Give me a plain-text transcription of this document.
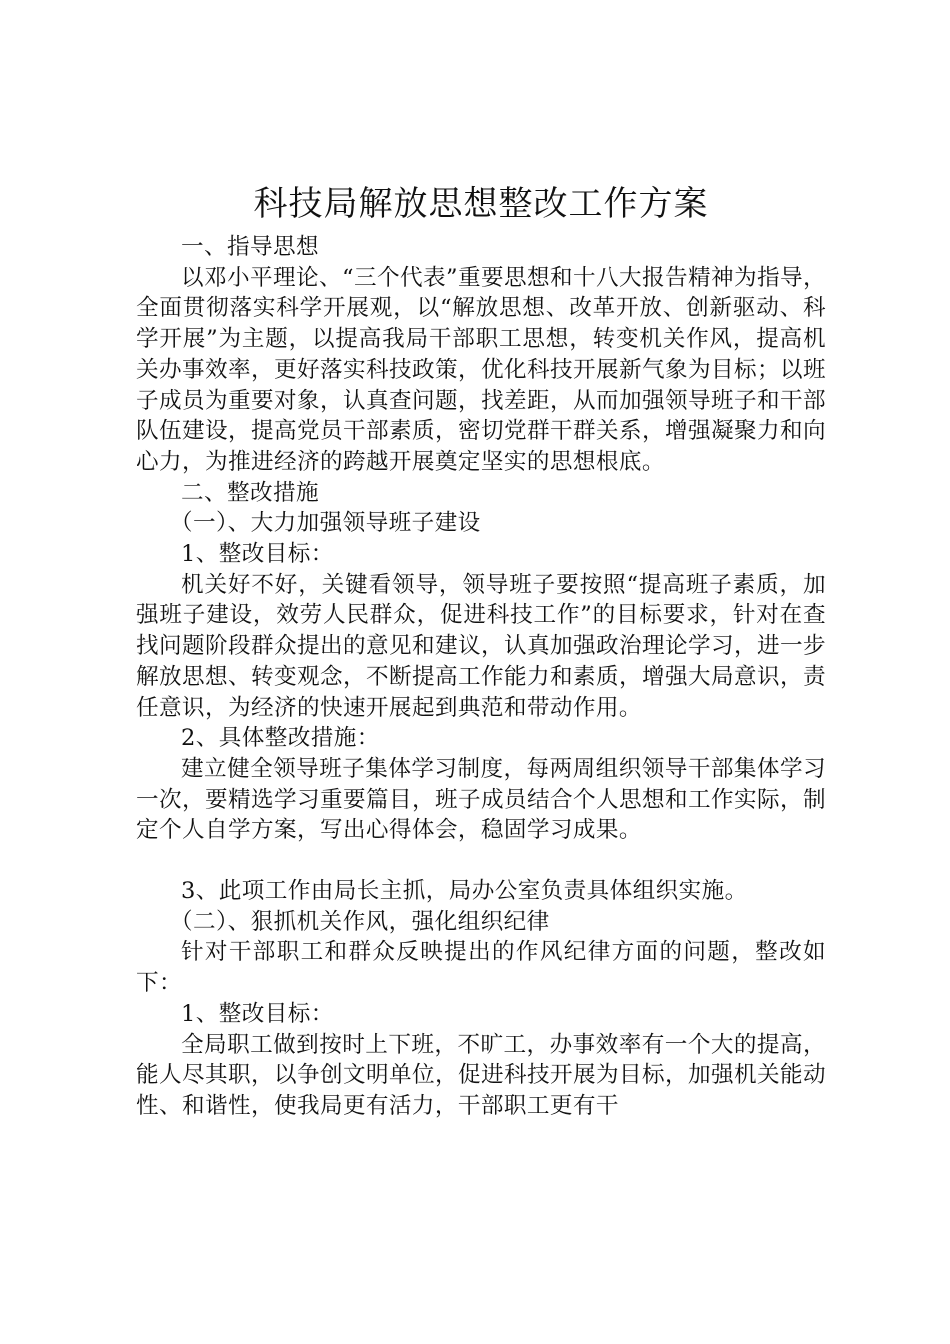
科技局解放思想整改工作方案

一、指导思想

以邓小平理论、“三个代表”重要思想和十八大报告精神为指导，全面贯彻落实科学开展观，以“解放思想、改革开放、创新驱动、科学开展”为主题，以提高我局干部职工思想，转变机关作风，提高机关办事效率，更好落实科技政策，优化科技开展新气象为目标；以班子成员为重要对象，认真查问题，找差距，从而加强领导班子和干部队伍建设，提高党员干部素质，密切党群干群关系，增强凝聚力和向心力，为推进经济的跨越开展奠定坚实的思想根底。

二、整改措施

（一）、大力加强领导班子建设

1、整改目标：

机关好不好，关键看领导，领导班子要按照“提高班子素质，加强班子建设，效劳人民群众，促进科技工作”的目标要求，针对在查找问题阶段群众提出的意见和建议，认真加强政治理论学习，进一步解放思想、转变观念，不断提高工作能力和素质，增强大局意识，责任意识，为经济的快速开展起到典范和带动作用。

2、具体整改措施：

建立健全领导班子集体学习制度，每两周组织领导干部集体学习一次，要精选学习重要篇目，班子成员结合个人思想和工作实际，制定个人自学方案，写出心得体会，稳固学习成果。

3、此项工作由局长主抓，局办公室负责具体组织实施。

（二）、狠抓机关作风，强化组织纪律

针对干部职工和群众反映提出的作风纪律方面的问题，整改如下：

1、整改目标：

全局职工做到按时上下班，不旷工，办事效率有一个大的提高，能人尽其职，以争创文明单位，促进科技开展为目标，加强机关能动性、和谐性，使我局更有活力，干部职工更有干
